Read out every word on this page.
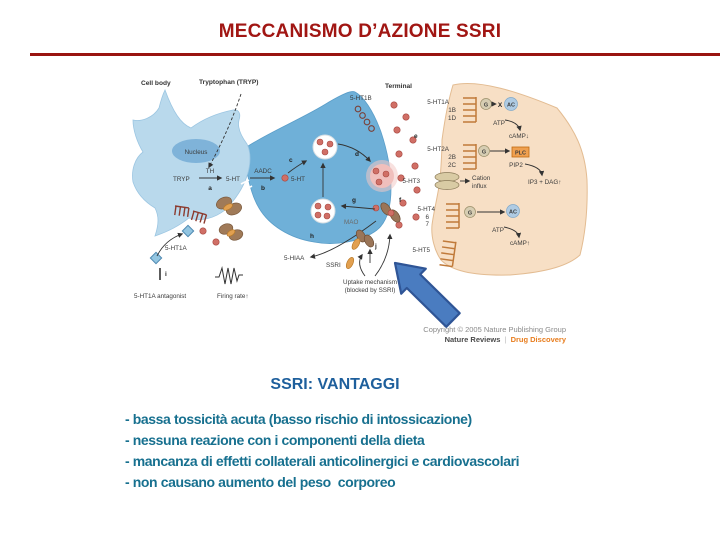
MECCANISMO D’AZIONE SSRI
Nucleus
Cell body	Tryptophan (TRYP)
Terminal
TRYP
TH
a
5-HT
AADC
b
5-HT
c
d
e
5-HT1B
f
g
MAO
h
5-HIAA
j
SSRI
Uptake mechanism
(blocked by SSRI)
5-HT1A
i
5-HT1A antagonist	Firing rate↑
5-HT1A
1B
1D
G X AC
ATP
cAMP↓
5-HT2A
2B
2C
G	PLC
PIP2
IP3 + DAG↑
5-HT3	Cation
influx
5-HT4
6
7
G	AC
ATP
cAMP↑
5-HT5
Copyright © 2005 Nature Publishing Group
Nature Reviews | Drug Discovery
SSRI: VANTAGGI
- bassa tossicità acuta (basso rischio di intossicazione)
- nessuna reazione con i componenti della dieta
- mancanza di effetti collaterali anticolinergici e cardiovascolari
- non causano aumento del peso  corporeo
